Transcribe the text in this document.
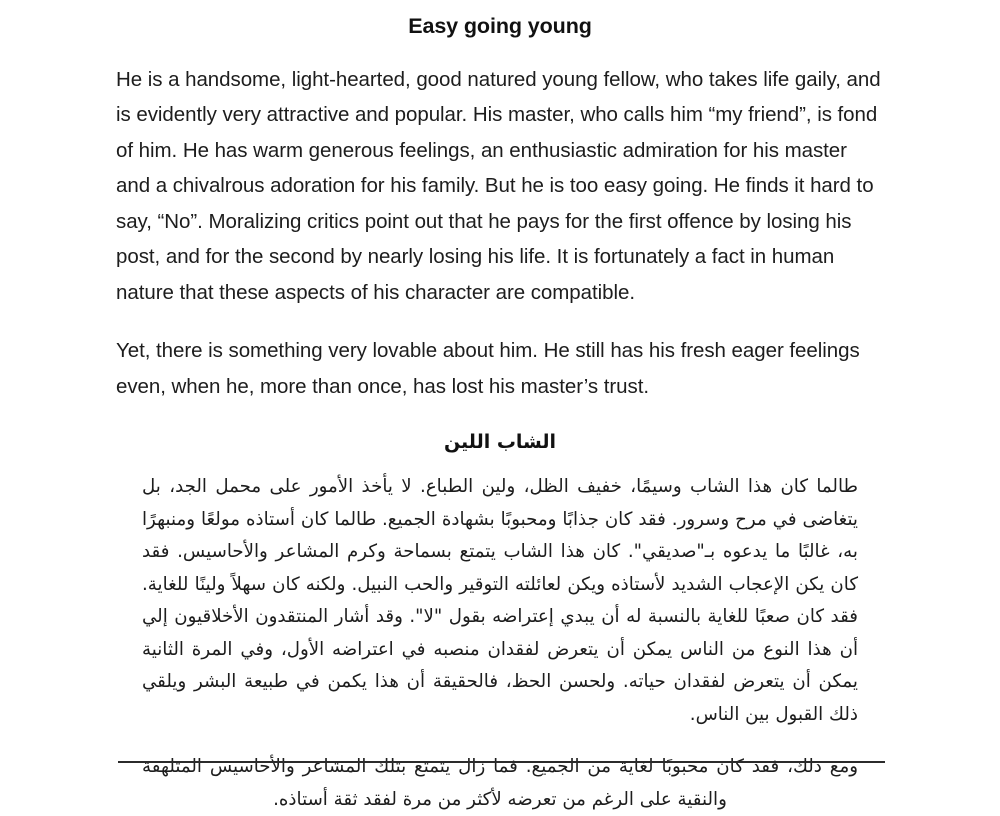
Easy going young

He is a handsome, light-hearted, good natured young fellow, who takes life gaily, and is evidently very attractive and popular. His master, who calls him “my friend”, is fond of him. He has warm generous feelings, an enthusiastic admiration for his master and a chivalrous adoration for his family. But he is too easy going. He finds it hard to say, “No”. Moralizing critics point out that he pays for the first offence by losing his post, and for the second by nearly losing his life. It is fortunately a fact in human nature that these aspects of his character are compatible.

Yet, there is something very lovable about him. He still has his fresh eager feelings even, when he, more than once, has lost his master’s trust.

الشاب اللين

طالما كان هذا الشاب وسيمًا، خفيف الظل، ولين الطباع. لا يأخذ الأمور على محمل الجد، بل يتغاضى في مرح وسرور. فقد كان جذابًا ومحبوبًا بشهادة الجميع. طالما كان أستاذه مولعًا ومنبهرًا به، غالبًا ما يدعوه بـ"صديقي". كان هذا الشاب يتمتع بسماحة وكرم المشاعر والأحاسيس. فقد كان يكن الإعجاب الشديد لأستاذه ويكن لعائلته التوقير والحب النبيل. ولكنه كان سهلاً ولينًا للغاية. فقد كان صعبًا للغاية بالنسبة له أن يبدي إعتراضه بقول "لا". وقد أشار المنتقدون الأخلاقيون إلي أن هذا النوع من الناس يمكن أن يتعرض لفقدان منصبه في اعتراضه الأول، وفي المرة الثانية يمكن أن يتعرض لفقدان حياته. ولحسن الحظ، فالحقيقة أن هذا يكمن في طبيعة البشر ويلقي ذلك القبول بين الناس.

ومع ذلك، فقد كان محبوبًا لغاية من الجميع. فما زال يتمتع بتلك المشاعر والأحاسيس المتلهفة والنقية على الرغم من تعرضه لأكثر من مرة لفقد ثقة أستاذه.
